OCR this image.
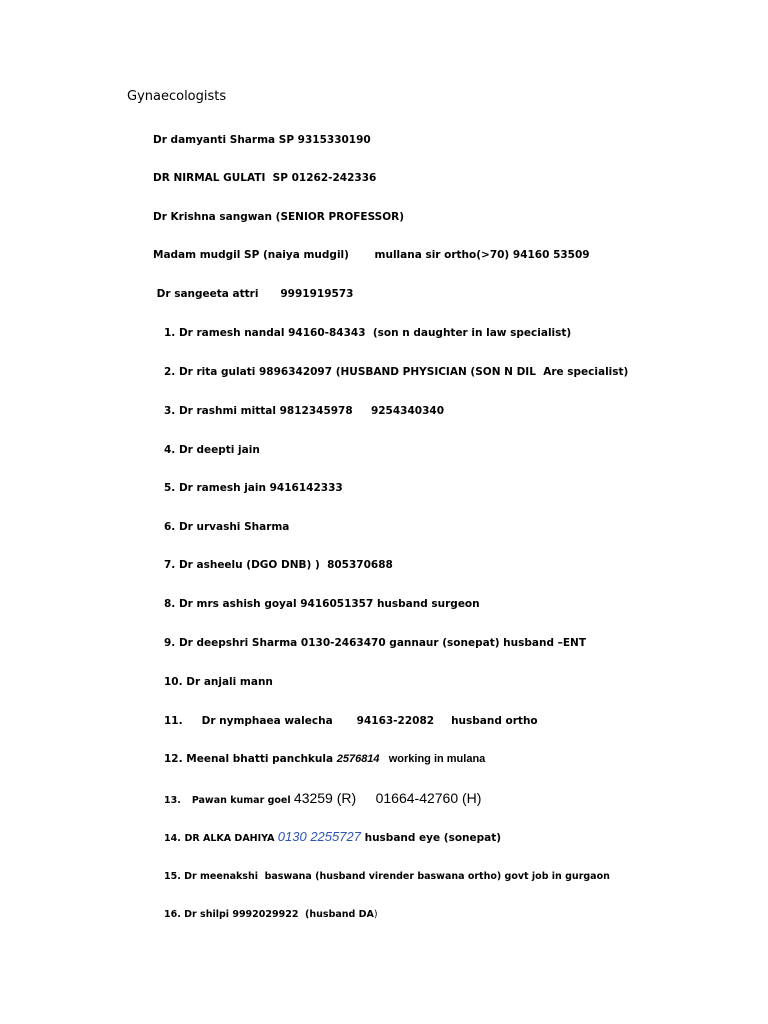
Gynaecologists
Dr damyanti Sharma SP 9315330190
DR NIRMAL GULATI  SP 01262-242336
Dr Krishna sangwan (SENIOR PROFESSOR)
Madam mudgil SP (naiya mudgil)       mullana sir ortho(>70) 94160 53509
Dr sangeeta attri      9991919573
1. Dr ramesh nandal 94160-84343  (son n daughter in law specialist)
2. Dr rita gulati 9896342097 (HUSBAND PHYSICIAN (SON N DIL  Are specialist)
3. Dr rashmi mittal 9812345978     9254340340
4. Dr deepti jain
5. Dr ramesh jain 9416142333
6. Dr urvashi Sharma
7. Dr asheelu (DGO DNB) )  805370688
8. Dr mrs ashish goyal 9416051357 husband surgeon
9. Dr deepshri Sharma 0130-2463470 gannaur (sonepat) husband –ENT
10. Dr anjali mann
11. Dr nymphaea walecha 94163-22082 husband ortho
12. Meenal bhatti panchkula 2576814   working in mulana
13. Pawan kumar goel 43259 (R)     01664-42760 (H)
14. DR ALKA DAHIYA 0130 2255727 husband eye (sonepat)
15. Dr meenakshi  baswana (husband virender baswana ortho) govt job in gurgaon
16. Dr shilpi 9992029922  (husband DA)
